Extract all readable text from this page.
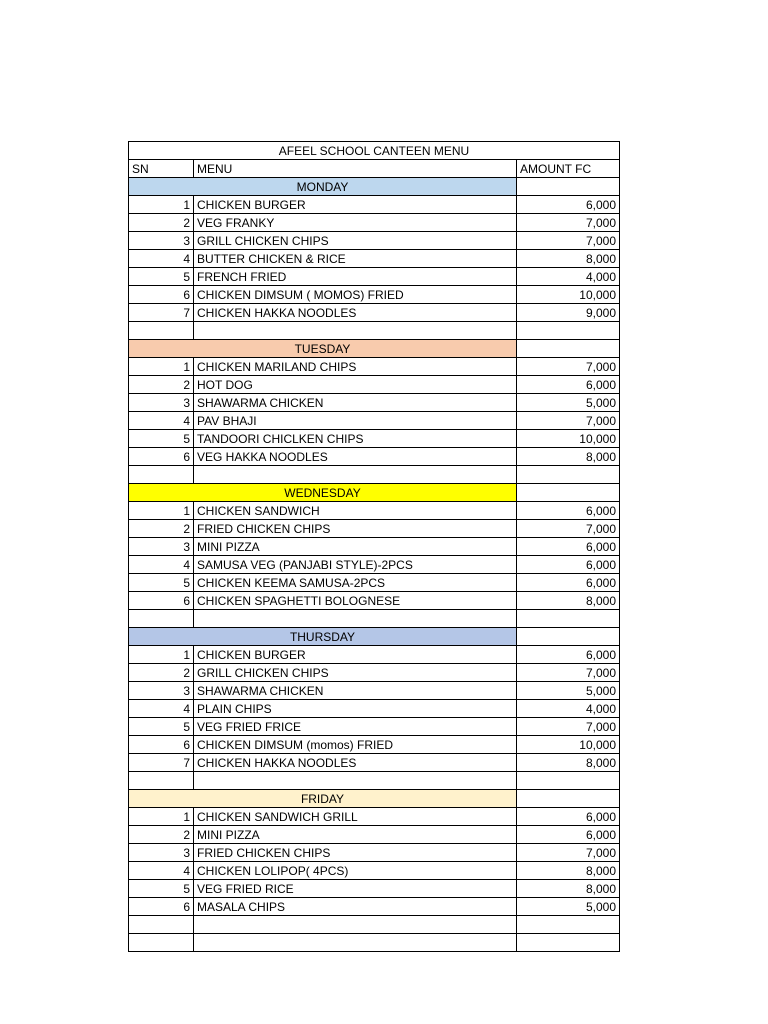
AFEEL SCHOOL CANTEEN MENU		
SN	MENU	AMOUNT FC
MONDAY		
1	CHICKEN BURGER	6,000
2	VEG FRANKY	7,000
3	GRILL CHICKEN CHIPS	7,000
4	BUTTER CHICKEN & RICE	8,000
5	FRENCH FRIED	4,000
6	CHICKEN DIMSUM ( MOMOS) FRIED	10,000
7	CHICKEN HAKKA NOODLES	9,000

TUESDAY		
1	CHICKEN MARILAND CHIPS	7,000
2	HOT DOG	6,000
3	SHAWARMA CHICKEN	5,000
4	PAV BHAJI	7,000
5	TANDOORI CHICLKEN CHIPS	10,000
6	VEG HAKKA NOODLES	8,000

WEDNESDAY		
1	CHICKEN SANDWICH	6,000
2	FRIED CHICKEN CHIPS	7,000
3	MINI PIZZA	6,000
4	SAMUSA VEG (PANJABI STYLE)-2PCS	6,000
5	CHICKEN KEEMA SAMUSA-2PCS	6,000
6	CHICKEN SPAGHETTI BOLOGNESE	8,000

THURSDAY		
1	CHICKEN BURGER	6,000
2	GRILL CHICKEN CHIPS	7,000
3	SHAWARMA CHICKEN	5,000
4	PLAIN CHIPS	4,000
5	VEG FRIED FRICE	7,000
6	CHICKEN DIMSUM (momos) FRIED	10,000
7	CHICKEN HAKKA NOODLES	8,000

FRIDAY		
1	CHICKEN SANDWICH GRILL	6,000
2	MINI PIZZA	6,000
3	FRIED CHICKEN CHIPS	7,000
4	CHICKEN LOLIPOP( 4PCS)	8,000
5	VEG FRIED RICE	8,000
6	MASALA CHIPS	5,000
